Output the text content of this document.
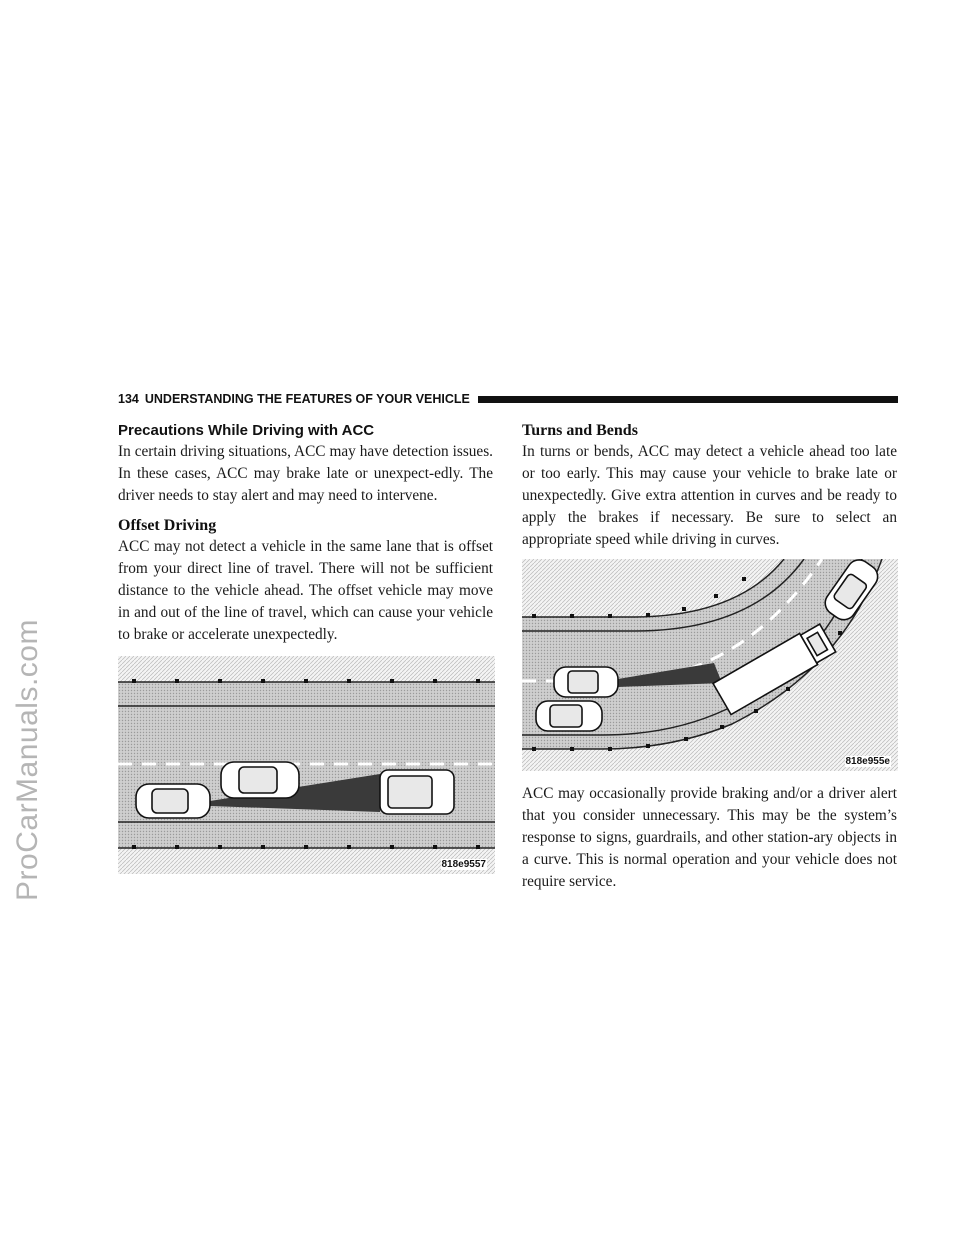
ProCarManuals.com
134 UNDERSTANDING THE FEATURES OF YOUR VEHICLE
Precautions While Driving with ACC

In certain driving situations, ACC may have detection issues. In these cases, ACC may brake late or unexpect-edly. The driver needs to stay alert and may need to intervene.

Offset Driving

ACC may not detect a vehicle in the same lane that is offset from your direct line of travel. There will not be sufficient distance to the vehicle ahead. The offset vehicle may move in and out of the line of travel, which can cause your vehicle to brake or accelerate unexpectedly.

818e9557
Turns and Bends

In turns or bends, ACC may detect a vehicle ahead too late or too early. This may cause your vehicle to brake late or unexpectedly. Give extra attention in curves and be ready to apply the brakes if necessary. Be sure to select an appropriate speed while driving in curves.

818e955e

ACC may occasionally provide braking and/or a driver alert that you consider unnecessary. This may be the system’s response to signs, guardrails, and other station-ary objects in a curve. This is normal operation and your vehicle does not require service.
